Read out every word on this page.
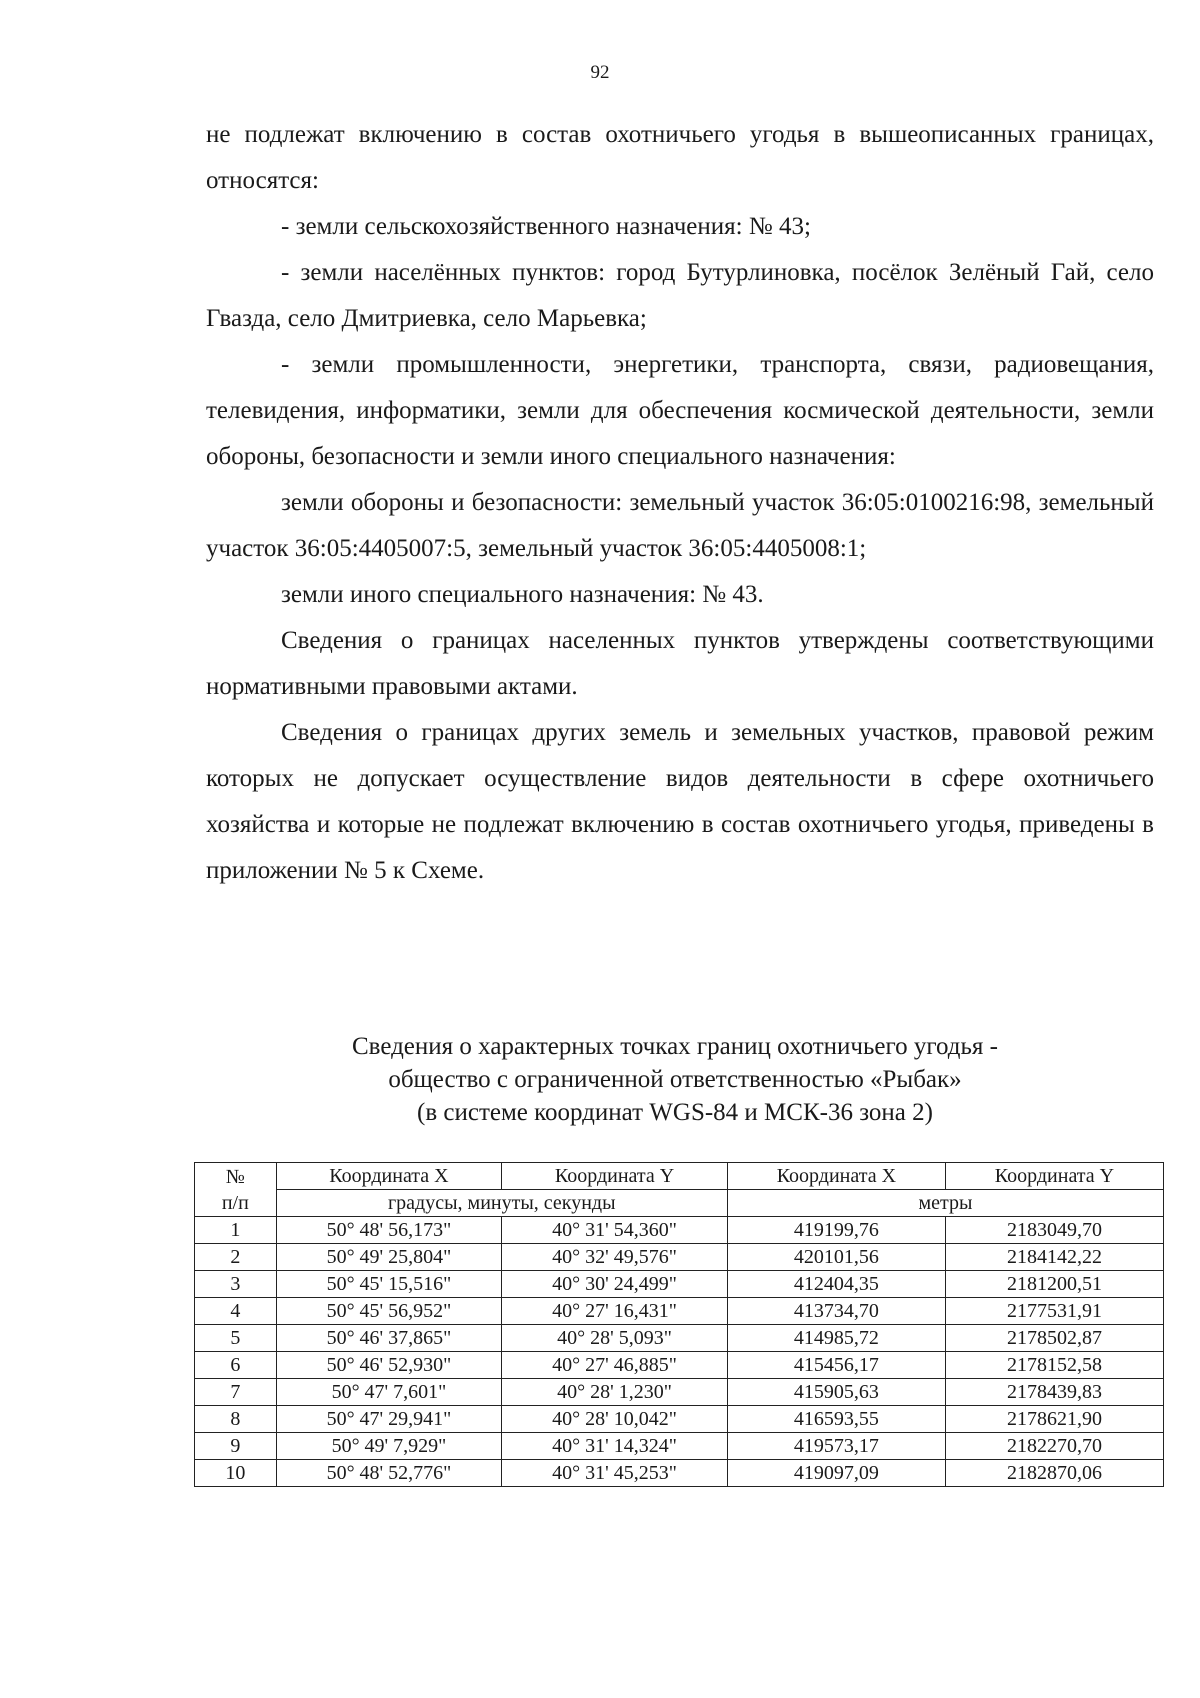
92

не подлежат включению в состав охотничьего угодья в вышеописанных границах, относятся:

- земли сельскохозяйственного назначения: № 43;

- земли населённых пунктов: город Бутурлиновка, посёлок Зелёный Гай, село Гвазда, село Дмитриевка, село Марьевка;

- земли промышленности, энергетики, транспорта, связи, радиовещания, телевидения, информатики, земли для обеспечения космической деятельности, земли обороны, безопасности и земли иного специального назначения:

земли обороны и безопасности: земельный участок 36:05:0100216:98, земельный участок 36:05:4405007:5, земельный участок 36:05:4405008:1;

земли иного специального назначения: № 43.

Сведения о границах населенных пунктов утверждены соответствующими нормативными правовыми актами.

Сведения о границах других земель и земельных участков, правовой режим которых не допускает осуществление видов деятельности в сфере охотничьего хозяйства и которые не подлежат включению в состав охотничьего угодья, приведены в приложении № 5 к Схеме.

Сведения о характерных точках границ охотничьего угодья -
общество с ограниченной ответственностью «Рыбак»
(в системе координат WGS-84 и МСК-36 зона 2)
№
п/п	Координата X	Координата Y	Координата X	Координата Y
	градусы, минуты, секунды		метры	
1	50° 48' 56,173"	40° 31' 54,360"	419199,76	2183049,70
2	50° 49' 25,804"	40° 32' 49,576"	420101,56	2184142,22
3	50° 45' 15,516"	40° 30' 24,499"	412404,35	2181200,51
4	50° 45' 56,952"	40° 27' 16,431"	413734,70	2177531,91
5	50° 46' 37,865"	40° 28' 5,093"	414985,72	2178502,87
6	50° 46' 52,930"	40° 27' 46,885"	415456,17	2178152,58
7	50° 47' 7,601"	40° 28' 1,230"	415905,63	2178439,83
8	50° 47' 29,941"	40° 28' 10,042"	416593,55	2178621,90
9	50° 49' 7,929"	40° 31' 14,324"	419573,17	2182270,70
10	50° 48' 52,776"	40° 31' 45,253"	419097,09	2182870,06
